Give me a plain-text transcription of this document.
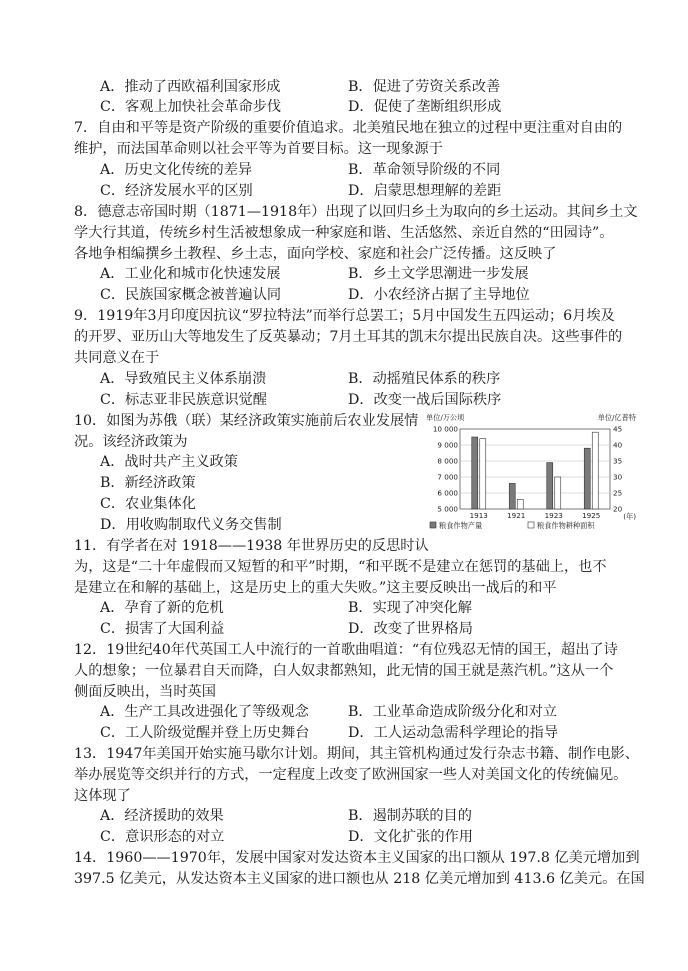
A．推动了西欧福利国家形成	B．促进了劳资关系改善
C．客观上加快社会革命步伐	D．促使了垄断组织形成
7．自由和平等是资产阶级的重要价值追求。北美殖民地在独立的过程中更注重对自由的
维护，而法国革命则以社会平等为首要目标。这一现象源于
A．历史文化传统的差异	B．革命领导阶级的不同
C．经济发展水平的区别	D．启蒙思想理解的差距
8．德意志帝国时期（1871—1918年）出现了以回归乡土为取向的乡土运动。其间乡土文
学大行其道，传统乡村生活被想象成一种家庭和谐、生活悠然、亲近自然的“田园诗”。
各地争相编撰乡土教程、乡土志，面向学校、家庭和社会广泛传播。这反映了
A．工业化和城市化快速发展	B．乡土文学思潮进一步发展
C．民族国家概念被普遍认同	D．小农经济占据了主导地位
9．1919年3月印度因抗议“罗拉特法”而举行总罢工；5月中国发生五四运动；6月埃及
的开罗、亚历山大等地发生了反英暴动；7月土耳其的凯末尔提出民族自决。这些事件的
共同意义在于
A．导致殖民主义体系崩溃	B．动摇殖民体系的秩序
C．标志亚非民族意识觉醒	D．改变一战后国际秩序
10．如图为苏俄（联）某经济政策实施前后农业发展情
况。该经济政策为
A．战时共产主义政策
B．新经济政策
C．农业集体化
D．用收购制取代义务交售制
单位/万公顷	单位/亿普特
10 000	45
9 000	40
8 000	35
7 000	30
6 000	25
5 000	20
1913	1921	1923	1925	(年)
粮食作物产量	粮食作物耕种面积
11．有学者在对 1918——1938 年世界历史的反思时认
为，这是“二十年虚假而又短暂的和平”时期，“和平既不是建立在惩罚的基础上，也不
是建立在和解的基础上，这是历史上的重大失败。”这主要反映出一战后的和平
A．孕育了新的危机	B．实现了冲突化解
C．损害了大国利益	D．改变了世界格局
12．19世纪40年代英国工人中流行的一首歌曲唱道：“有位残忍无情的国王，超出了诗
人的想象；一位暴君自天而降，白人奴隶都熟知，此无情的国王就是蒸汽机。”这从一个
侧面反映出，当时英国
A．生产工具改进强化了等级观念	B．工业革命造成阶级分化和对立
C．工人阶级觉醒并登上历史舞台	D．工人运动急需科学理论的指导
13．1947年美国开始实施马歇尔计划。期间，其主管机构通过发行杂志书籍、制作电影、
举办展览等交织并行的方式，一定程度上改变了欧洲国家一些人对美国文化的传统偏见。
这体现了
A．经济援助的效果	B．遏制苏联的目的
C．意识形态的对立	D．文化扩张的作用
14．1960——1970年，发展中国家对发达资本主义国家的出口额从 197.8 亿美元增加到
397.5 亿美元，从发达资本主义国家的进口额也从 218 亿美元增加到 413.6 亿美元。在国
